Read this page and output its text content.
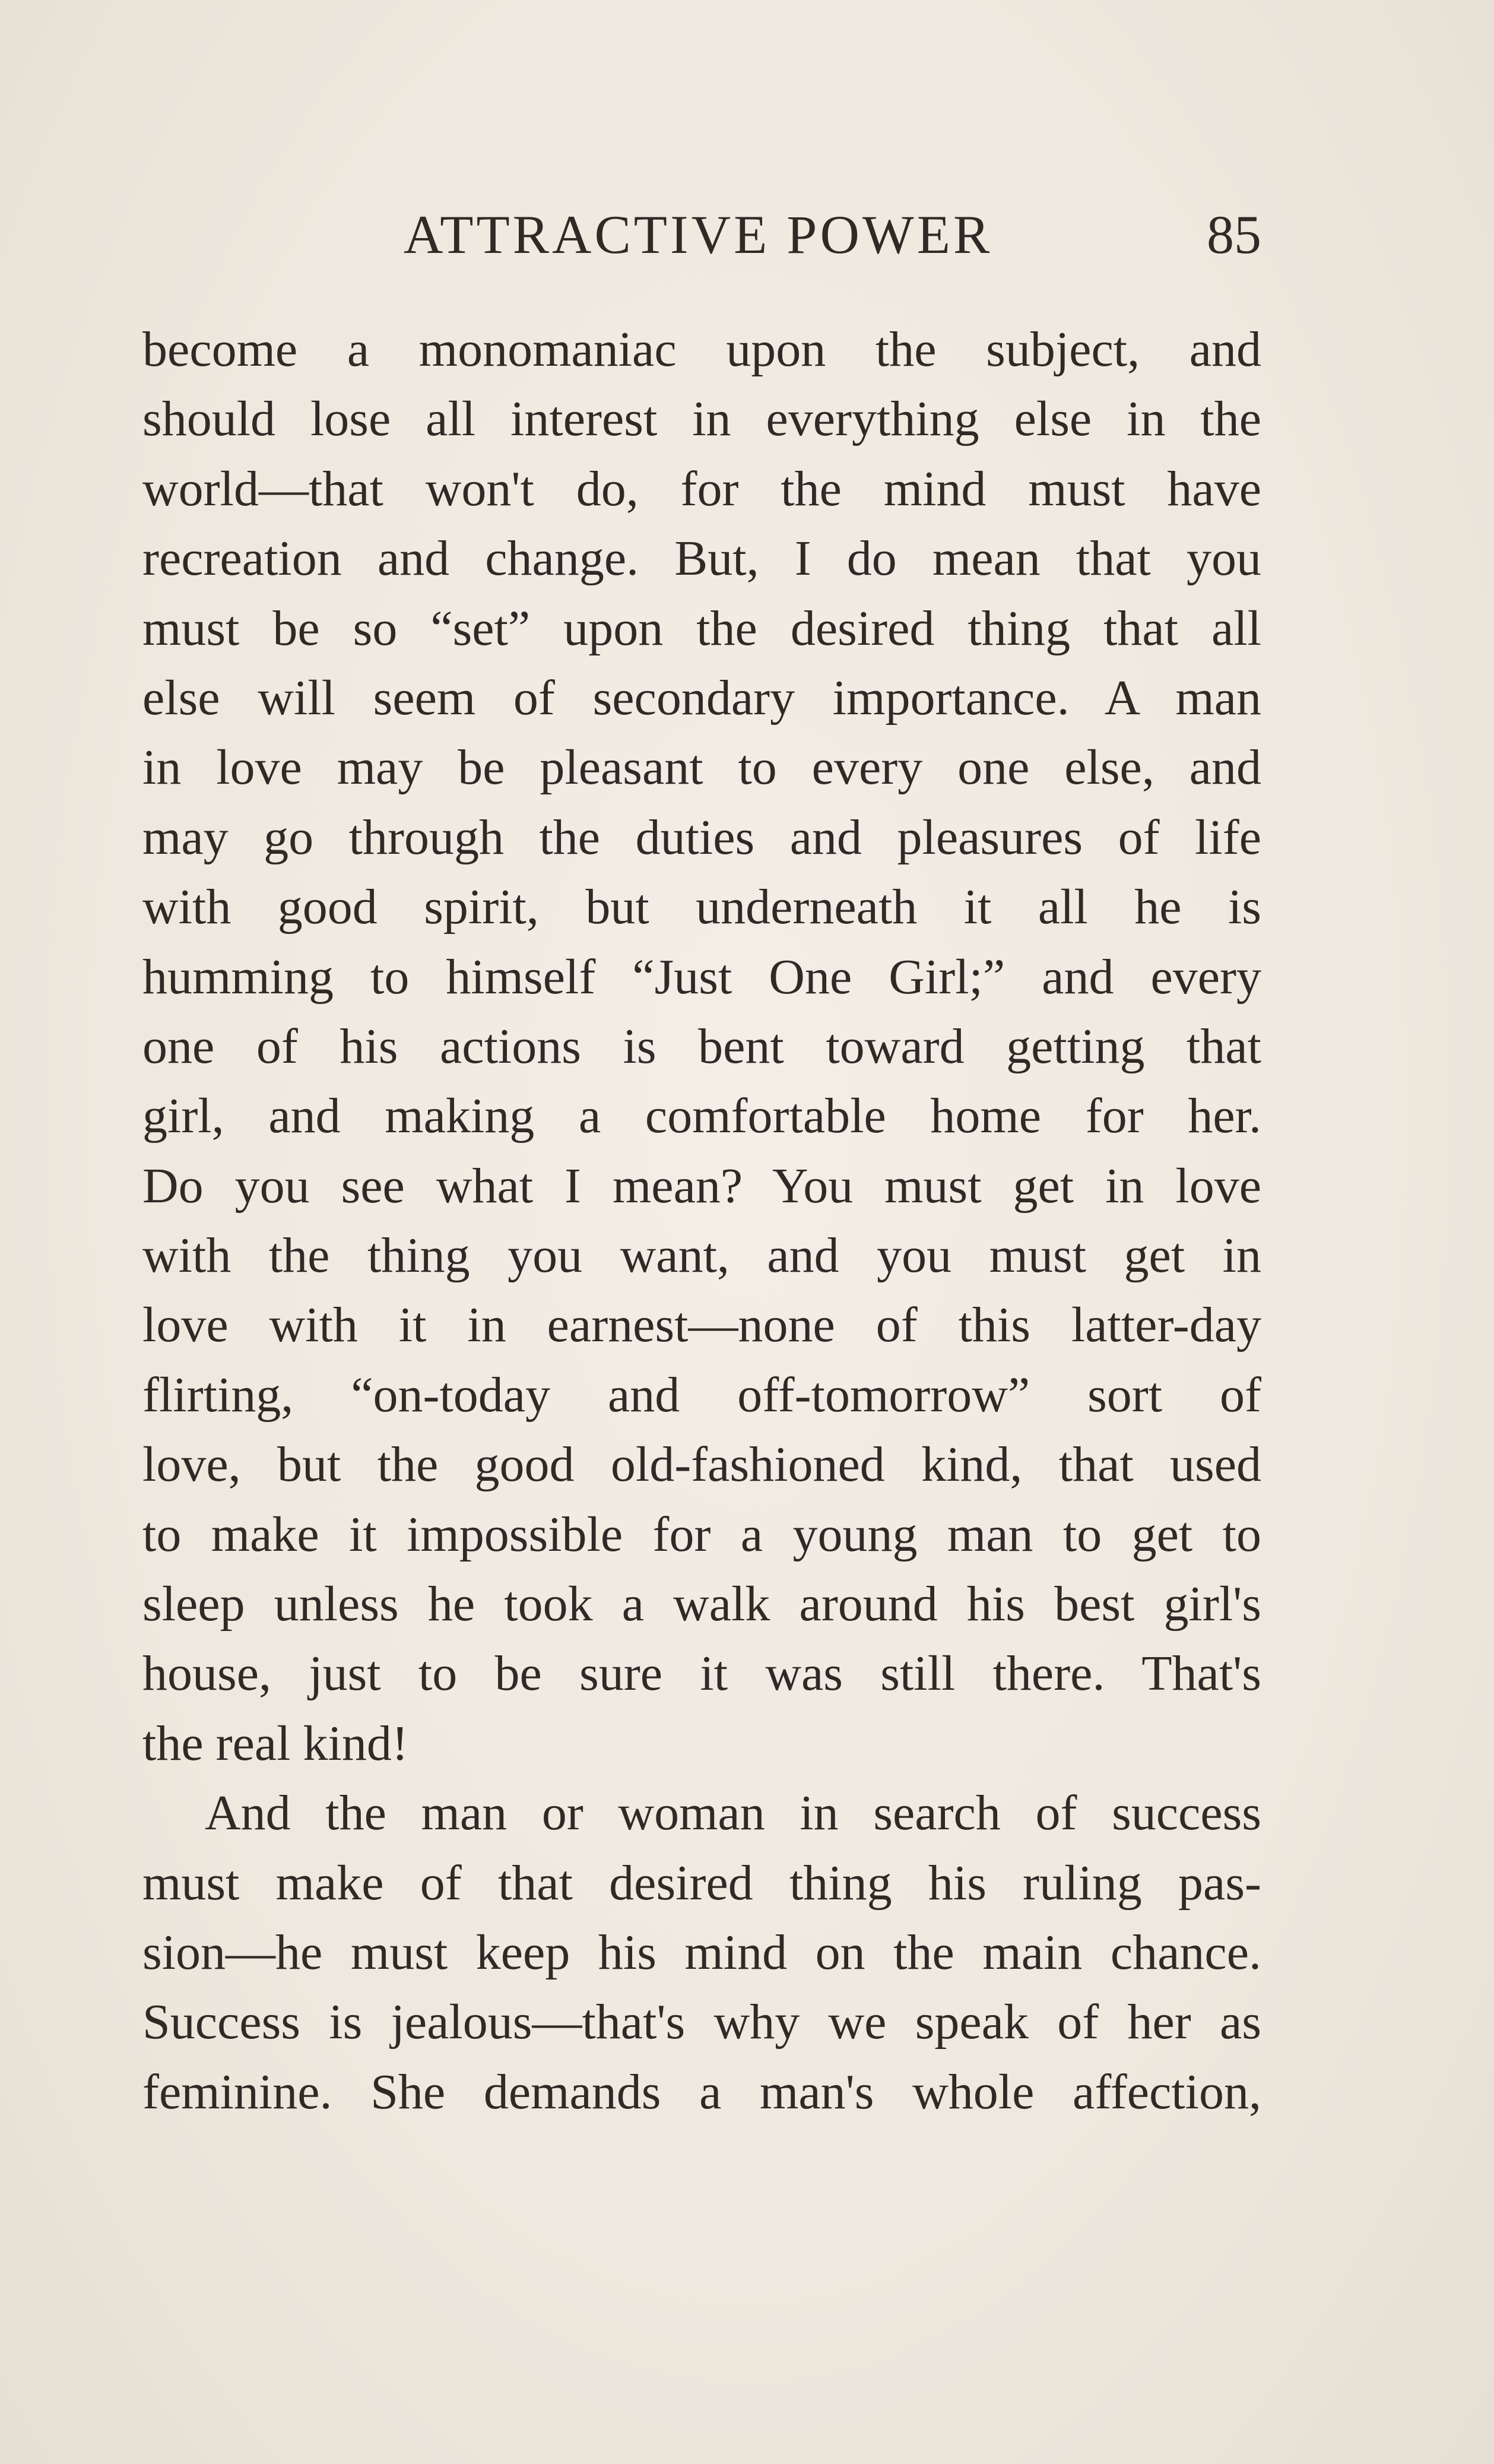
ATTRACTIVE POWER	85
become a monomaniac upon the subject, and
should lose all interest in everything else in the
world—that won't do, for the mind must have
recreation and change. But, I do mean that you
must be so “set” upon the desired thing that all
else will seem of secondary importance. A man
in love may be pleasant to every one else, and
may go through the duties and pleasures of life
with good spirit, but underneath it all he is
humming to himself “Just One Girl;” and every
one of his actions is bent toward getting that
girl, and making a comfortable home for her.
Do you see what I mean? You must get in love
with the thing you want, and you must get in
love with it in earnest—none of this latter-day
flirting, “on-today and off-tomorrow” sort of
love, but the good old-fashioned kind, that used
to make it impossible for a young man to get to
sleep unless he took a walk around his best girl's
house, just to be sure it was still there. That's
the real kind!
And the man or woman in search of success
must make of that desired thing his ruling pas-
sion—he must keep his mind on the main chance.
Success is jealous—that's why we speak of her as
feminine. She demands a man's whole affection,
